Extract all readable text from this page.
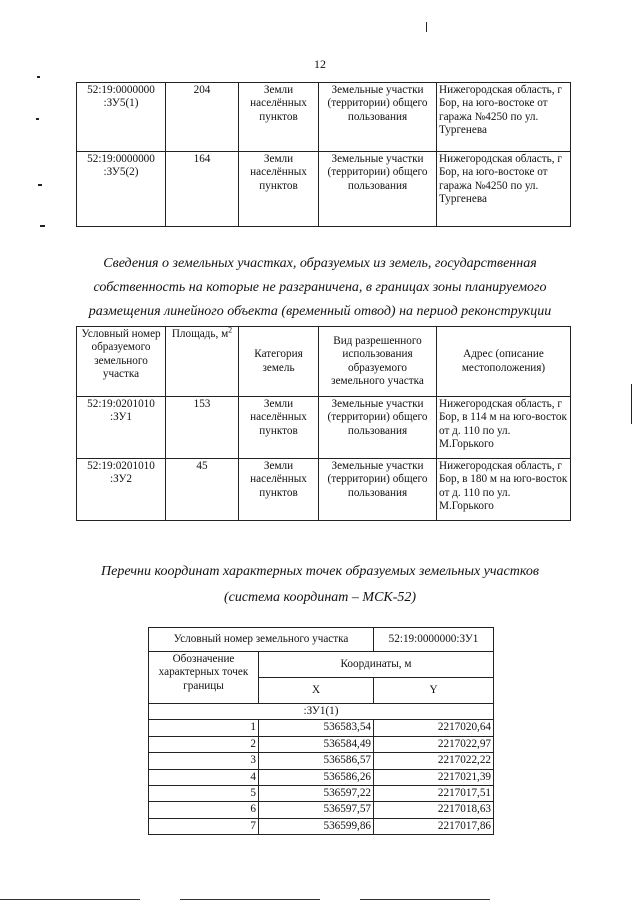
12
52:19:0000000 :ЗУ5(1)	204	Земли населённых пунктов	Земельные участки (территории) общего пользования	Нижегородская область, г Бор, на юго-востоке от гаража №4250 по ул. Тургенева
52:19:0000000 :ЗУ5(2)	164	Земли населённых пунктов	Земельные участки (территории) общего пользования	Нижегородская область, г Бор, на юго-востоке от гаража №4250 по ул. Тургенева
Сведения о земельных участках, образуемых из земель, государственная
собственность на которые не разграничена, в границах зоны планируемого
размещения линейного объекта (временный отвод) на период реконструкции
Условный номер образуемого земельного участка	Площадь, $м^2$	Категория земель	Вид разрешенного использования образуемого земельного участка	Адрес (описание местоположения)
52:19:0201010 :ЗУ1	153	Земли населённых пунктов	Земельные участки (территории) общего пользования	Нижегородская область, г Бор, в 114 м на юго-восток от д. 110 по ул. М.Горького
52:19:0201010 :ЗУ2	45	Земли населённых пунктов	Земельные участки (территории) общего пользования	Нижегородская область, г Бор, в 180 м на юго-восток от д. 110 по ул. М.Горького
Перечни координат характерных точек образуемых земельных участков
(система координат – МСК-52)
Условный номер земельного участка		52:19:0000000:ЗУ1
Обозначение характерных точек границы	Координаты, м	
	X	Y
:ЗУ1(1)		
1	536583,54	2217020,64
2	536584,49	2217022,97
3	536586,57	2217022,22
4	536586,26	2217021,39
5	536597,22	2217017,51
6	536597,57	2217018,63
7	536599,86	2217017,86
